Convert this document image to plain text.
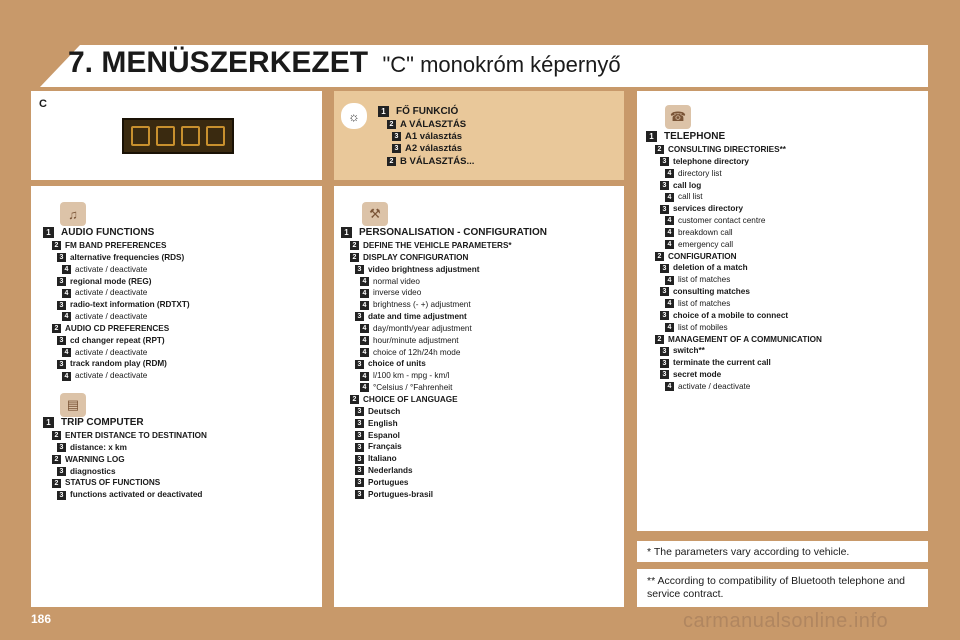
7. MENÜSZERKEZET "C" monokróm képernyő
C
☼	1 FŐ FUNKCIÓ
2 A VÁLASZTÁS
3 A1 választás
3 A2 választás
2 B VÁLASZTÁS...
♫
1 AUDIO FUNCTIONS
2 FM BAND PREFERENCES
3 alternative frequencies (RDS)
4 activate / deactivate
3 regional mode (REG)
4 activate / deactivate
3 radio-text information (RDTXT)
4 activate / deactivate
2 AUDIO CD PREFERENCES
3 cd changer repeat (RPT)
4 activate / deactivate
3 track random play (RDM)
4 activate / deactivate
▤
1 TRIP COMPUTER
2 ENTER DISTANCE TO DESTINATION
3 distance: x km
2 WARNING LOG
3 diagnostics
2 STATUS OF FUNCTIONS
3 functions activated or deactivated
⚒
1 PERSONALISATION - CONFIGURATION
2 DEFINE THE VEHICLE PARAMETERS*
2 DISPLAY CONFIGURATION
3 video brightness adjustment
4 normal video
4 inverse video
4 brightness (- +) adjustment
3 date and time adjustment
4 day/month/year adjustment
4 hour/minute adjustment
4 choice of 12h/24h mode
3 choice of units
4 l/100 km - mpg - km/l
4 °Celsius / °Fahrenheit
2 CHOICE OF LANGUAGE
3 Deutsch
3 English
3 Espanol
3 Français
3 Italiano
3 Nederlands
3 Portugues
3 Portugues-brasil
☎
1 TELEPHONE
2 CONSULTING DIRECTORIES**
3 telephone directory
4 directory list
3 call log
4 call list
3 services directory
4 customer contact centre
4 breakdown call
4 emergency call
2 CONFIGURATION
3 deletion of a match
4 list of matches
3 consulting matches
4 list of matches
3 choice of a mobile to connect
4 list of mobiles
2 MANAGEMENT OF A COMMUNICATION
3 switch**
3 terminate the current call
3 secret mode
4 activate / deactivate
* The parameters vary according to vehicle.
** According to compatibility of Bluetooth telephone and service contract.
186	carmanualsonline.info
